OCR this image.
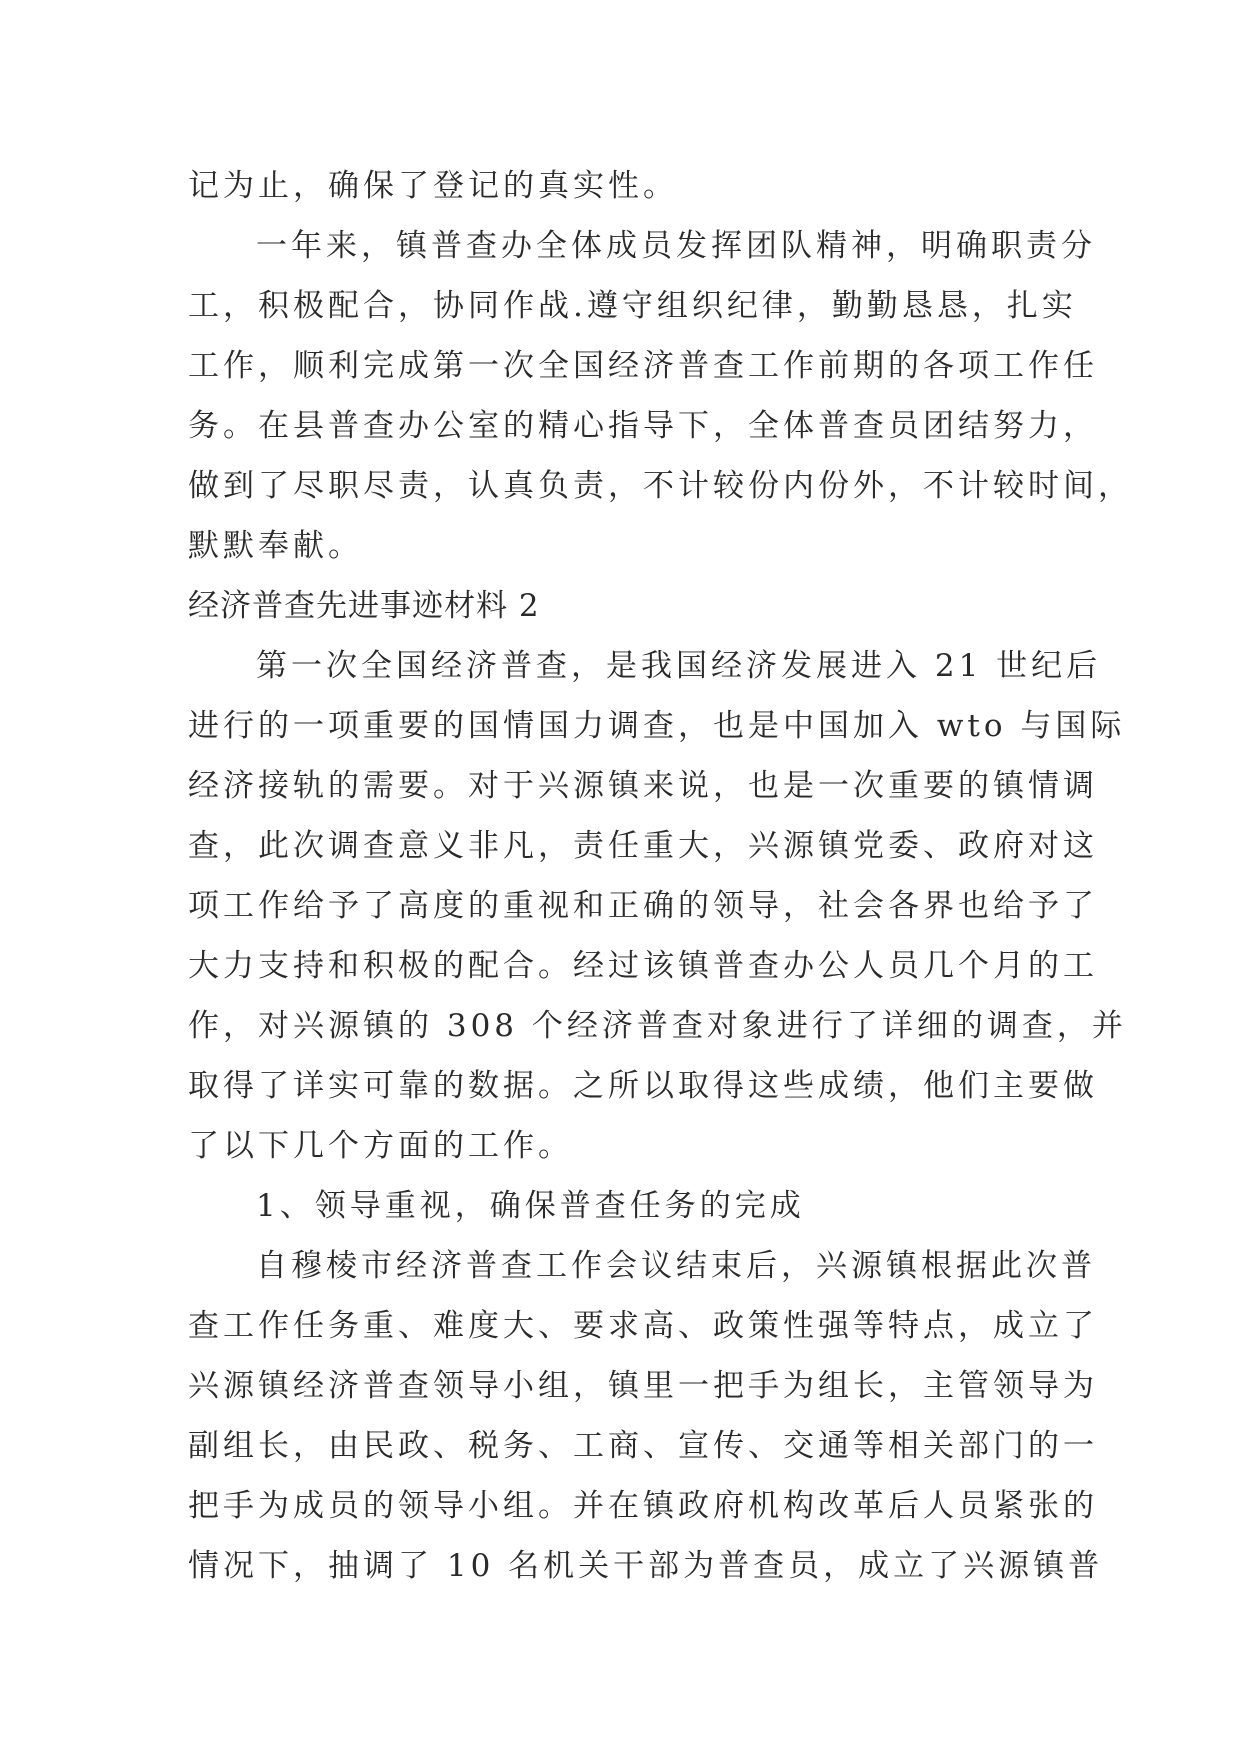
记为止，确保了登记的真实性。
一年来，镇普查办全体成员发挥团队精神，明确职责分
工，积极配合，协同作战.遵守组织纪律，勤勤恳恳，扎实
工作，顺利完成第一次全国经济普查工作前期的各项工作任
务。在县普查办公室的精心指导下，全体普查员团结努力，
做到了尽职尽责，认真负责，不计较份内份外，不计较时间，
默默奉献。
经济普查先进事迹材料 2
第一次全国经济普查，是我国经济发展进入 21 世纪后
进行的一项重要的国情国力调查，也是中国加入 wto 与国际
经济接轨的需要。对于兴源镇来说，也是一次重要的镇情调
查，此次调查意义非凡，责任重大，兴源镇党委、政府对这
项工作给予了高度的重视和正确的领导，社会各界也给予了
大力支持和积极的配合。经过该镇普查办公人员几个月的工
作，对兴源镇的 308 个经济普查对象进行了详细的调查，并
取得了详实可靠的数据。之所以取得这些成绩，他们主要做
了以下几个方面的工作。
1、领导重视，确保普查任务的完成
自穆棱市经济普查工作会议结束后，兴源镇根据此次普
查工作任务重、难度大、要求高、政策性强等特点，成立了
兴源镇经济普查领导小组，镇里一把手为组长，主管领导为
副组长，由民政、税务、工商、宣传、交通等相关部门的一
把手为成员的领导小组。并在镇政府机构改革后人员紧张的
情况下，抽调了 10 名机关干部为普查员，成立了兴源镇普
